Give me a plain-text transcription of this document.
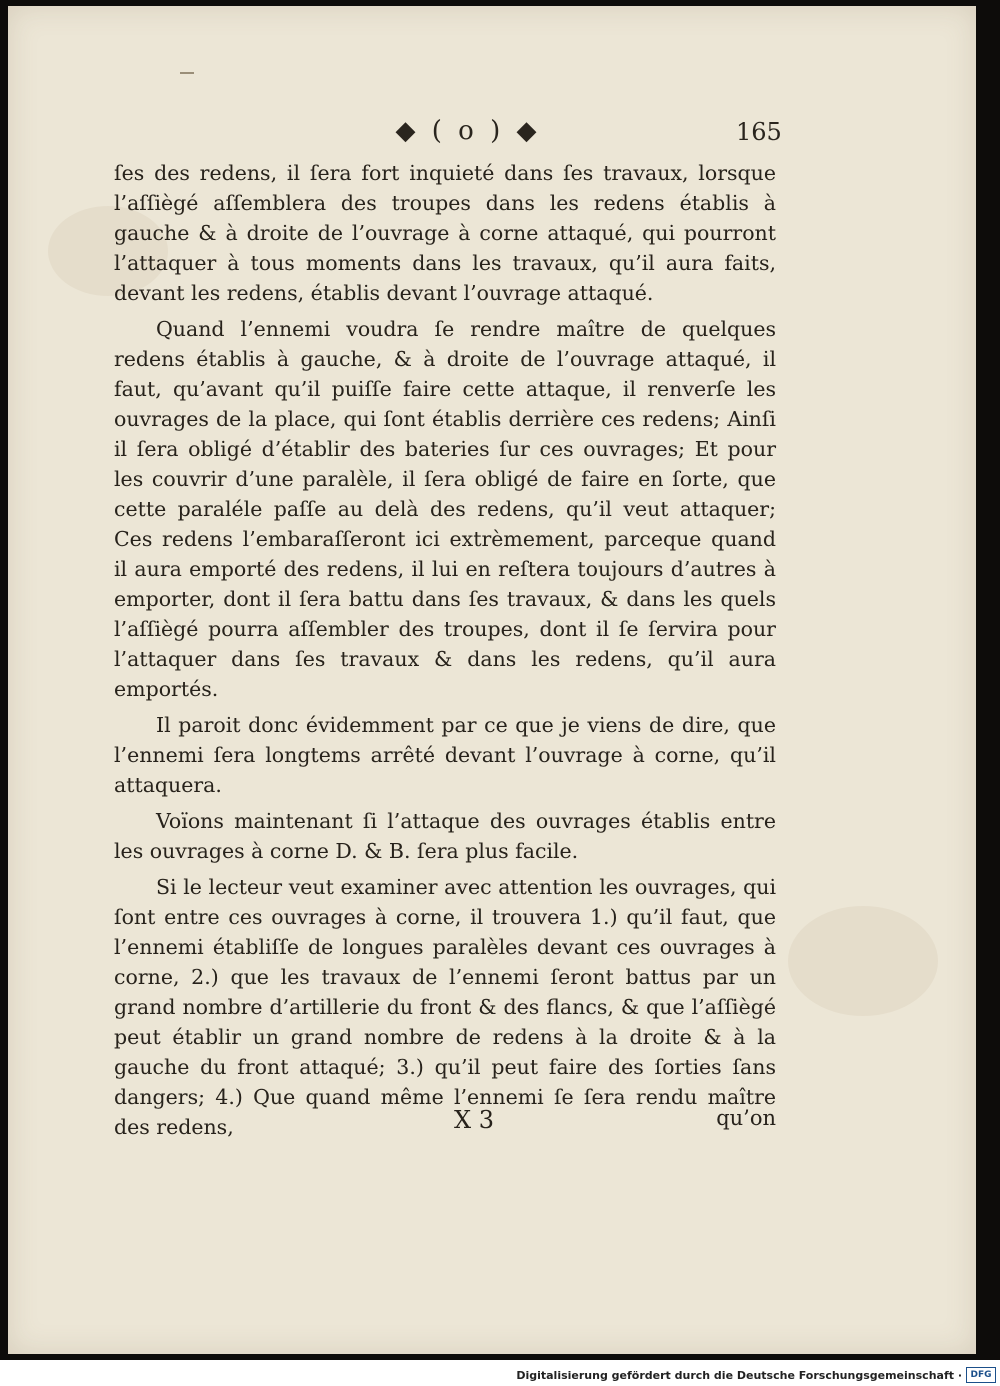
◆ ( o ) ◆	165

ſes des redens, il ſera fort inquieté dans ſes travaux, lorsque l’aſſiègé aſſemblera des troupes dans les redens établis à gauche & à droite de l’ouvrage à corne attaqué, qui pourront l’attaquer à tous moments dans les travaux, qu’il aura faits, devant les redens, établis devant l’ouvrage attaqué.

Quand l’ennemi voudra ſe rendre maître de quelques redens établis à gauche, & à droite de l’ouvrage attaqué, il faut, qu’avant qu’il puiſſe faire cette attaque, il renverſe les ouvrages de la place, qui ſont établis derrière ces redens; Ainſi il ſera obligé d’établir des bateries ſur ces ouvrages; Et pour les couvrir d’une paralèle, il ſera obligé de faire en ſorte, que cette paraléle paſſe au delà des redens, qu’il veut attaquer; Ces redens l’embaraſſeront ici extrèmement, parceque quand il aura emporté des redens, il lui en reſtera toujours d’autres à emporter, dont il ſera battu dans ſes travaux, & dans les quels l’aſſiègé pourra aſſembler des troupes, dont il ſe ſervira pour l’attaquer dans ſes travaux & dans les redens, qu’il aura emportés.

Il paroit donc évidemment par ce que je viens de dire, que l’ennemi ſera longtems arrêté devant l’ouvrage à corne, qu’il attaquera.

Voïons maintenant ſi l’attaque des ouvrages établis entre les ouvrages à corne D. & B. ſera plus facile.

Si le lecteur veut examiner avec attention les ouvrages, qui ſont entre ces ouvrages à corne, il trouvera 1.) qu’il faut, que l’ennemi établiſſe de longues paralèles devant ces ouvrages à corne, 2.) que les travaux de l’ennemi ſeront battus par un grand nombre d’artillerie du front & des flancs, & que l’aſſiègé peut établir un grand nombre de redens à la droite & à la gauche du front attaqué; 3.) qu’il peut faire des ſorties ſans dangers; 4.) Que quand même l’ennemi ſe ſera rendu maître des redens,	X 3	qu’on
Digitalisierung gefördert durch die Deutsche Forschungsgemeinschaft · DFG
